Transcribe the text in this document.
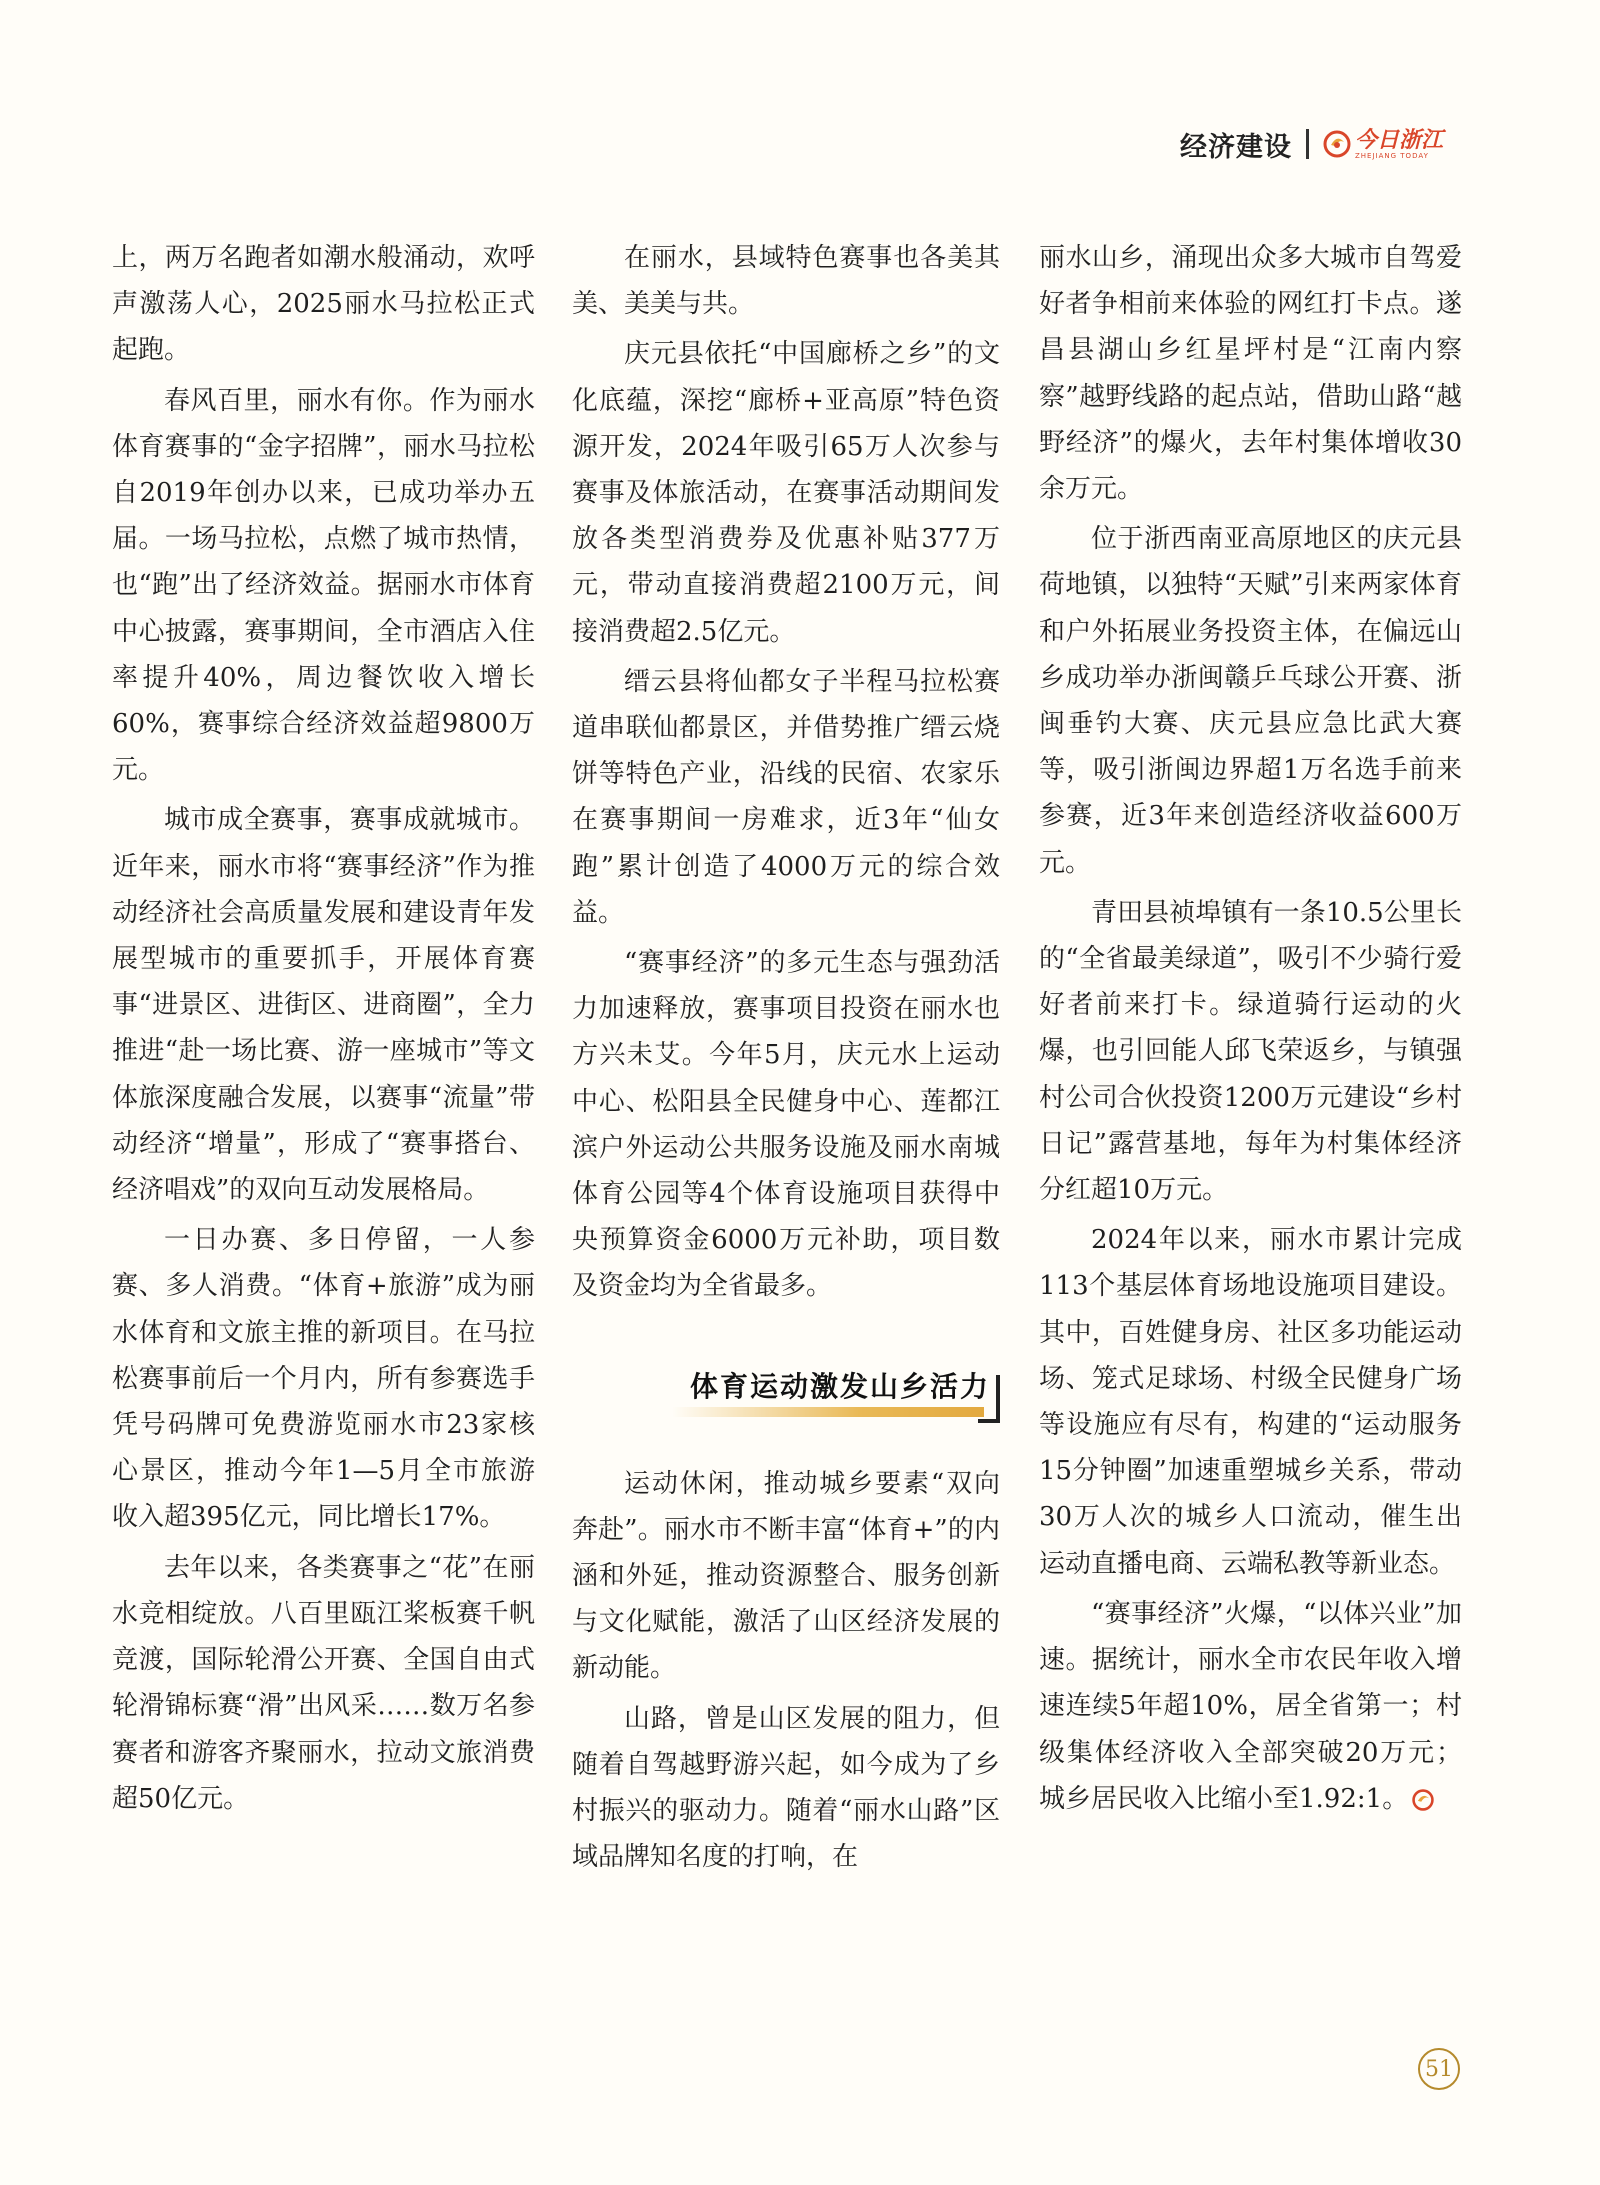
经济建设	今日浙江
ZHEJIANG TODAY

上，两万名跑者如潮水般涌动，欢呼声激荡人心，2025丽水马拉松正式起跑。

春风百里，丽水有你。作为丽水体育赛事的“金字招牌”，丽水马拉松自2019年创办以来，已成功举办五届。一场马拉松，点燃了城市热情，也“跑”出了经济效益。据丽水市体育中心披露，赛事期间，全市酒店入住率提升40%，周边餐饮收入增长60%，赛事综合经济效益超9800万元。

城市成全赛事，赛事成就城市。近年来，丽水市将“赛事经济”作为推动经济社会高质量发展和建设青年发展型城市的重要抓手，开展体育赛事“进景区、进街区、进商圈”，全力推进“赴一场比赛、游一座城市”等文体旅深度融合发展，以赛事“流量”带动经济“增量”，形成了“赛事搭台、经济唱戏”的双向互动发展格局。

一日办赛、多日停留，一人参赛、多人消费。“体育+旅游”成为丽水体育和文旅主推的新项目。在马拉松赛事前后一个月内，所有参赛选手凭号码牌可免费游览丽水市23家核心景区，推动今年1—5月全市旅游收入超395亿元，同比增长17%。

去年以来，各类赛事之“花”在丽水竞相绽放。八百里瓯江桨板赛千帆竞渡，国际轮滑公开赛、全国自由式轮滑锦标赛“滑”出风采……数万名参赛者和游客齐聚丽水，拉动文旅消费超50亿元。

在丽水，县域特色赛事也各美其美、美美与共。

庆元县依托“中国廊桥之乡”的文化底蕴，深挖“廊桥+亚高原”特色资源开发，2024年吸引65万人次参与赛事及体旅活动，在赛事活动期间发放各类型消费券及优惠补贴377万元，带动直接消费超2100万元，间接消费超2.5亿元。

缙云县将仙都女子半程马拉松赛道串联仙都景区，并借势推广缙云烧饼等特色产业，沿线的民宿、农家乐在赛事期间一房难求，近3年“仙女跑”累计创造了4000万元的综合效益。

“赛事经济”的多元生态与强劲活力加速释放，赛事项目投资在丽水也方兴未艾。今年5月，庆元水上运动中心、松阳县全民健身中心、莲都江滨户外运动公共服务设施及丽水南城体育公园等4个体育设施项目获得中央预算资金6000万元补助，项目数及资金均为全省最多。

体育运动激发山乡活力

运动休闲，推动城乡要素“双向奔赴”。丽水市不断丰富“体育+”的内涵和外延，推动资源整合、服务创新与文化赋能，激活了山区经济发展的新动能。

山路，曾是山区发展的阻力，但随着自驾越野游兴起，如今成为了乡村振兴的驱动力。随着“丽水山路”区域品牌知名度的打响，在

丽水山乡，涌现出众多大城市自驾爱好者争相前来体验的网红打卡点。遂昌县湖山乡红星坪村是“江南内察察”越野线路的起点站，借助山路“越野经济”的爆火，去年村集体增收30余万元。

位于浙西南亚高原地区的庆元县荷地镇，以独特“天赋”引来两家体育和户外拓展业务投资主体，在偏远山乡成功举办浙闽赣乒乓球公开赛、浙闽垂钓大赛、庆元县应急比武大赛等，吸引浙闽边界超1万名选手前来参赛，近3年来创造经济收益600万元。

青田县祯埠镇有一条10.5公里长的“全省最美绿道”，吸引不少骑行爱好者前来打卡。绿道骑行运动的火爆，也引回能人邱飞荣返乡，与镇强村公司合伙投资1200万元建设“乡村日记”露营基地，每年为村集体经济分红超10万元。

2024年以来，丽水市累计完成113个基层体育场地设施项目建设。其中，百姓健身房、社区多功能运动场、笼式足球场、村级全民健身广场等设施应有尽有，构建的“运动服务15分钟圈”加速重塑城乡关系，带动30万人次的城乡人口流动，催生出运动直播电商、云端私教等新业态。

“赛事经济”火爆，“以体兴业”加速。据统计，丽水全市农民年收入增速连续5年超10%，居全省第一；村级集体经济收入全部突破20万元；城乡居民收入比缩小至1.92:1。

51
